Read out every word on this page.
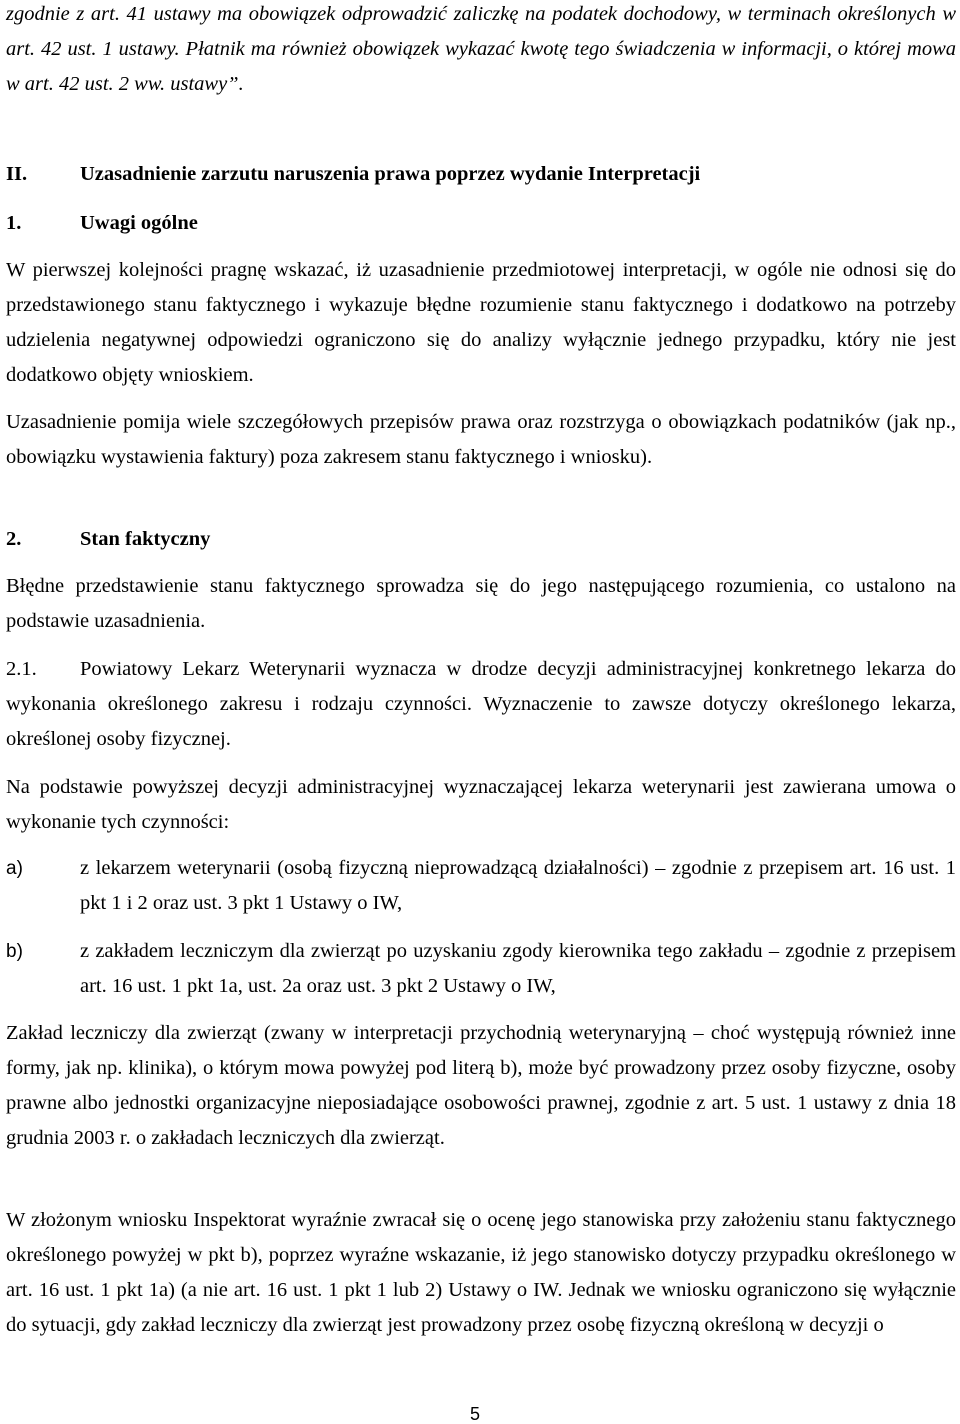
zgodnie z art. 41 ustawy ma obowiązek odprowadzić zaliczkę na podatek dochodowy, w terminach określonych w art. 42 ust. 1 ustawy. Płatnik ma również obowiązek wykazać kwotę tego świadczenia w informacji, o której mowa w art. 42 ust. 2 ww. ustawy”.

II.	Uzasadnienie zarzutu naruszenia prawa poprzez wydanie Interpretacji
1.	Uwagi ogólne

W pierwszej kolejności pragnę wskazać, iż uzasadnienie przedmiotowej interpretacji, w ogóle nie odnosi się do przedstawionego stanu faktycznego i wykazuje błędne rozumienie stanu faktycznego i dodatkowo na potrzeby udzielenia negatywnej odpowiedzi ograniczono się do analizy wyłącznie jednego przypadku, który nie jest dodatkowo objęty wnioskiem.

Uzasadnienie pomija wiele szczegółowych przepisów prawa oraz rozstrzyga o obowiązkach podatników (jak np., obowiązku wystawienia faktury) poza zakresem stanu faktycznego i wniosku).

2.	Stan faktyczny

Błędne przedstawienie stanu faktycznego sprowadza się do jego następującego rozumienia, co ustalono na podstawie uzasadnienia.

2.1. Powiatowy Lekarz Weterynarii wyznacza w drodze decyzji administracyjnej konkretnego lekarza do wykonania określonego zakresu i rodzaju czynności. Wyznaczenie to zawsze dotyczy określonego lekarza, określonej osoby fizycznej.

Na podstawie powyższej decyzji administracyjnej wyznaczającej lekarza weterynarii jest zawierana umowa o wykonanie tych czynności:

a)	z lekarzem weterynarii (osobą fizyczną nieprowadzącą działalności) – zgodnie z przepisem art. 16 ust. 1 pkt 1 i 2 oraz ust. 3 pkt 1 Ustawy o IW,

b)	z zakładem leczniczym dla zwierząt po uzyskaniu zgody kierownika tego zakładu – zgodnie z przepisem art. 16 ust. 1 pkt 1a, ust. 2a oraz ust. 3 pkt 2 Ustawy o IW,

Zakład leczniczy dla zwierząt (zwany w interpretacji przychodnią weterynaryjną – choć występują również inne formy, jak np. klinika), o którym mowa powyżej pod literą b), może być prowadzony przez osoby fizyczne, osoby prawne albo jednostki organizacyjne nieposiadające osobowości prawnej, zgodnie z art. 5 ust. 1 ustawy z dnia 18 grudnia 2003 r. o zakładach leczniczych dla zwierząt.

W złożonym wniosku Inspektorat wyraźnie zwracał się o ocenę jego stanowiska przy założeniu stanu faktycznego określonego powyżej w pkt b), poprzez wyraźne wskazanie, iż jego stanowisko dotyczy przypadku określonego w art. 16 ust. 1 pkt 1a) (a nie art. 16 ust. 1 pkt 1 lub 2) Ustawy o IW. Jednak we wniosku ograniczono się wyłącznie do sytuacji, gdy zakład leczniczy dla zwierząt jest prowadzony przez osobę fizyczną określoną w decyzji o

5
